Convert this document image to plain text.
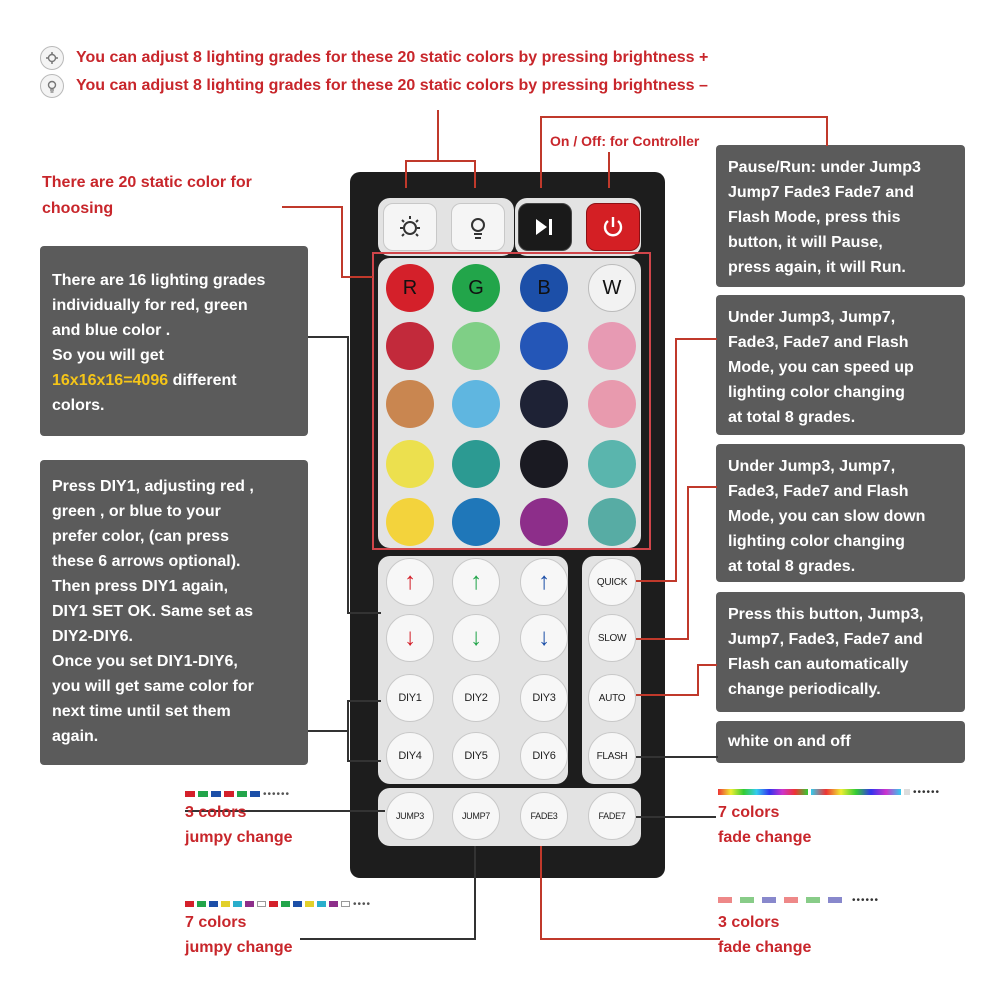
You can adjust 8 lighting grades for these 20 static colors by pressing brightness +
You can adjust 8 lighting grades for these 20 static colors by pressing brightness –
On / Off: for Controller
There are 20 static color for
choosing
There are 16 lighting grades
individually for red, green
and blue color .
So you will get
16x16x16=4096 different
colors.
Press DIY1, adjusting red ,
green , or blue to your
prefer color, (can press
these 6 arrows optional).
Then press DIY1 again,
DIY1 SET OK. Same set as
DIY2-DIY6.
Once you set DIY1-DIY6,
you will get same color for
next time until set them
again.
Pause/Run: under Jump3
Jump7 Fade3 Fade7 and
Flash Mode, press this
button, it will Pause,
press again, it will Run.
Under Jump3, Jump7,
Fade3, Fade7 and Flash
Mode, you can speed up
lighting color changing
at total 8 grades.
Under Jump3, Jump7,
Fade3, Fade7 and Flash
Mode, you can slow down
lighting color changing
at total 8 grades.
Press this button, Jump3,
Jump7, Fade3, Fade7 and
Flash can automatically
change periodically.
white on and off
R	G	B	W
↑ ↑ ↑
↓ ↓ ↓
DIY1	DIY2	DIY3
DIY4	DIY5	DIY6
QUICK
SLOW
AUTO
FLASH
JUMP3	JUMP7	FADE3	FADE7
••••••	••••••
••••	••••••
3 colors
jumpy change
7 colors
fade change
7 colors
jumpy change
3 colors
fade change
